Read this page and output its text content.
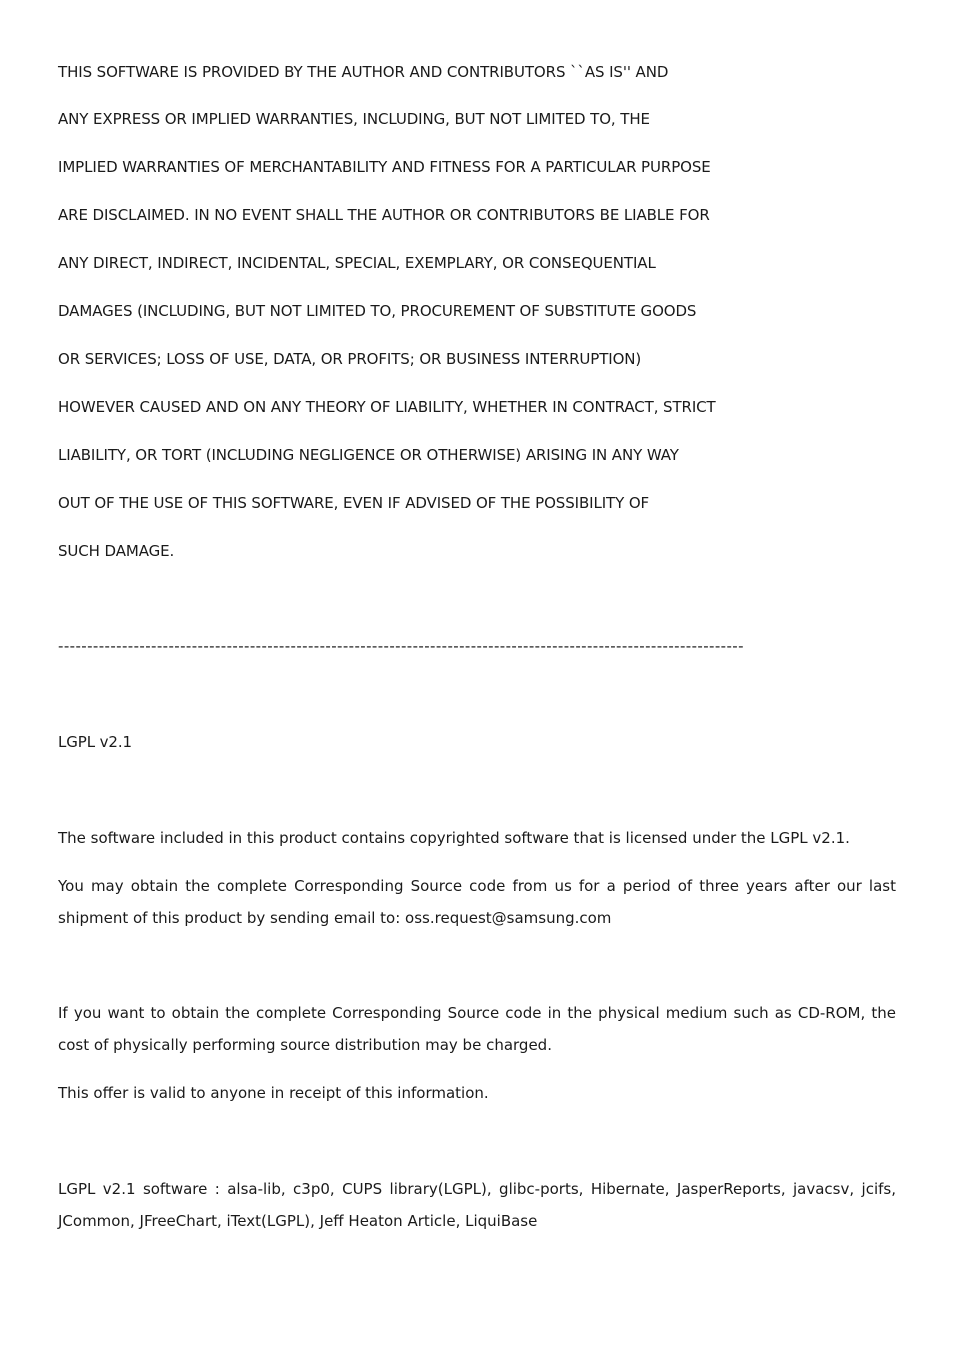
THIS SOFTWARE IS PROVIDED BY THE AUTHOR AND CONTRIBUTORS ``AS IS'' AND
ANY EXPRESS OR IMPLIED WARRANTIES, INCLUDING, BUT NOT LIMITED TO, THE
IMPLIED WARRANTIES OF MERCHANTABILITY AND FITNESS FOR A PARTICULAR PURPOSE
ARE DISCLAIMED. IN NO EVENT SHALL THE AUTHOR OR CONTRIBUTORS BE LIABLE FOR
ANY DIRECT, INDIRECT, INCIDENTAL, SPECIAL, EXEMPLARY, OR CONSEQUENTIAL
DAMAGES (INCLUDING, BUT NOT LIMITED TO, PROCUREMENT OF SUBSTITUTE GOODS
OR SERVICES; LOSS OF USE, DATA, OR PROFITS; OR BUSINESS INTERRUPTION)
HOWEVER CAUSED AND ON ANY THEORY OF LIABILITY, WHETHER IN CONTRACT, STRICT
LIABILITY, OR TORT (INCLUDING NEGLIGENCE OR OTHERWISE) ARISING IN ANY WAY
OUT OF THE USE OF THIS SOFTWARE, EVEN IF ADVISED OF THE POSSIBILITY OF
SUCH DAMAGE.
----------------------------------------------------------------------------------------------------------------------
LGPL v2.1
The software included in this product contains copyrighted software that is licensed under the LGPL v2.1.
You may obtain the complete Corresponding Source code from us for a period of three years after our last shipment of this product by sending email to: oss.request@samsung.com
If you want to obtain the complete Corresponding Source code in the physical medium such as CD-ROM, the cost of physically performing source distribution may be charged.
This offer is valid to anyone in receipt of this information.
LGPL v2.1 software : alsa-lib, c3p0, CUPS library(LGPL), glibc-ports, Hibernate, JasperReports, javacsv, jcifs, JCommon, JFreeChart, iText(LGPL), Jeff Heaton Article, LiquiBase
